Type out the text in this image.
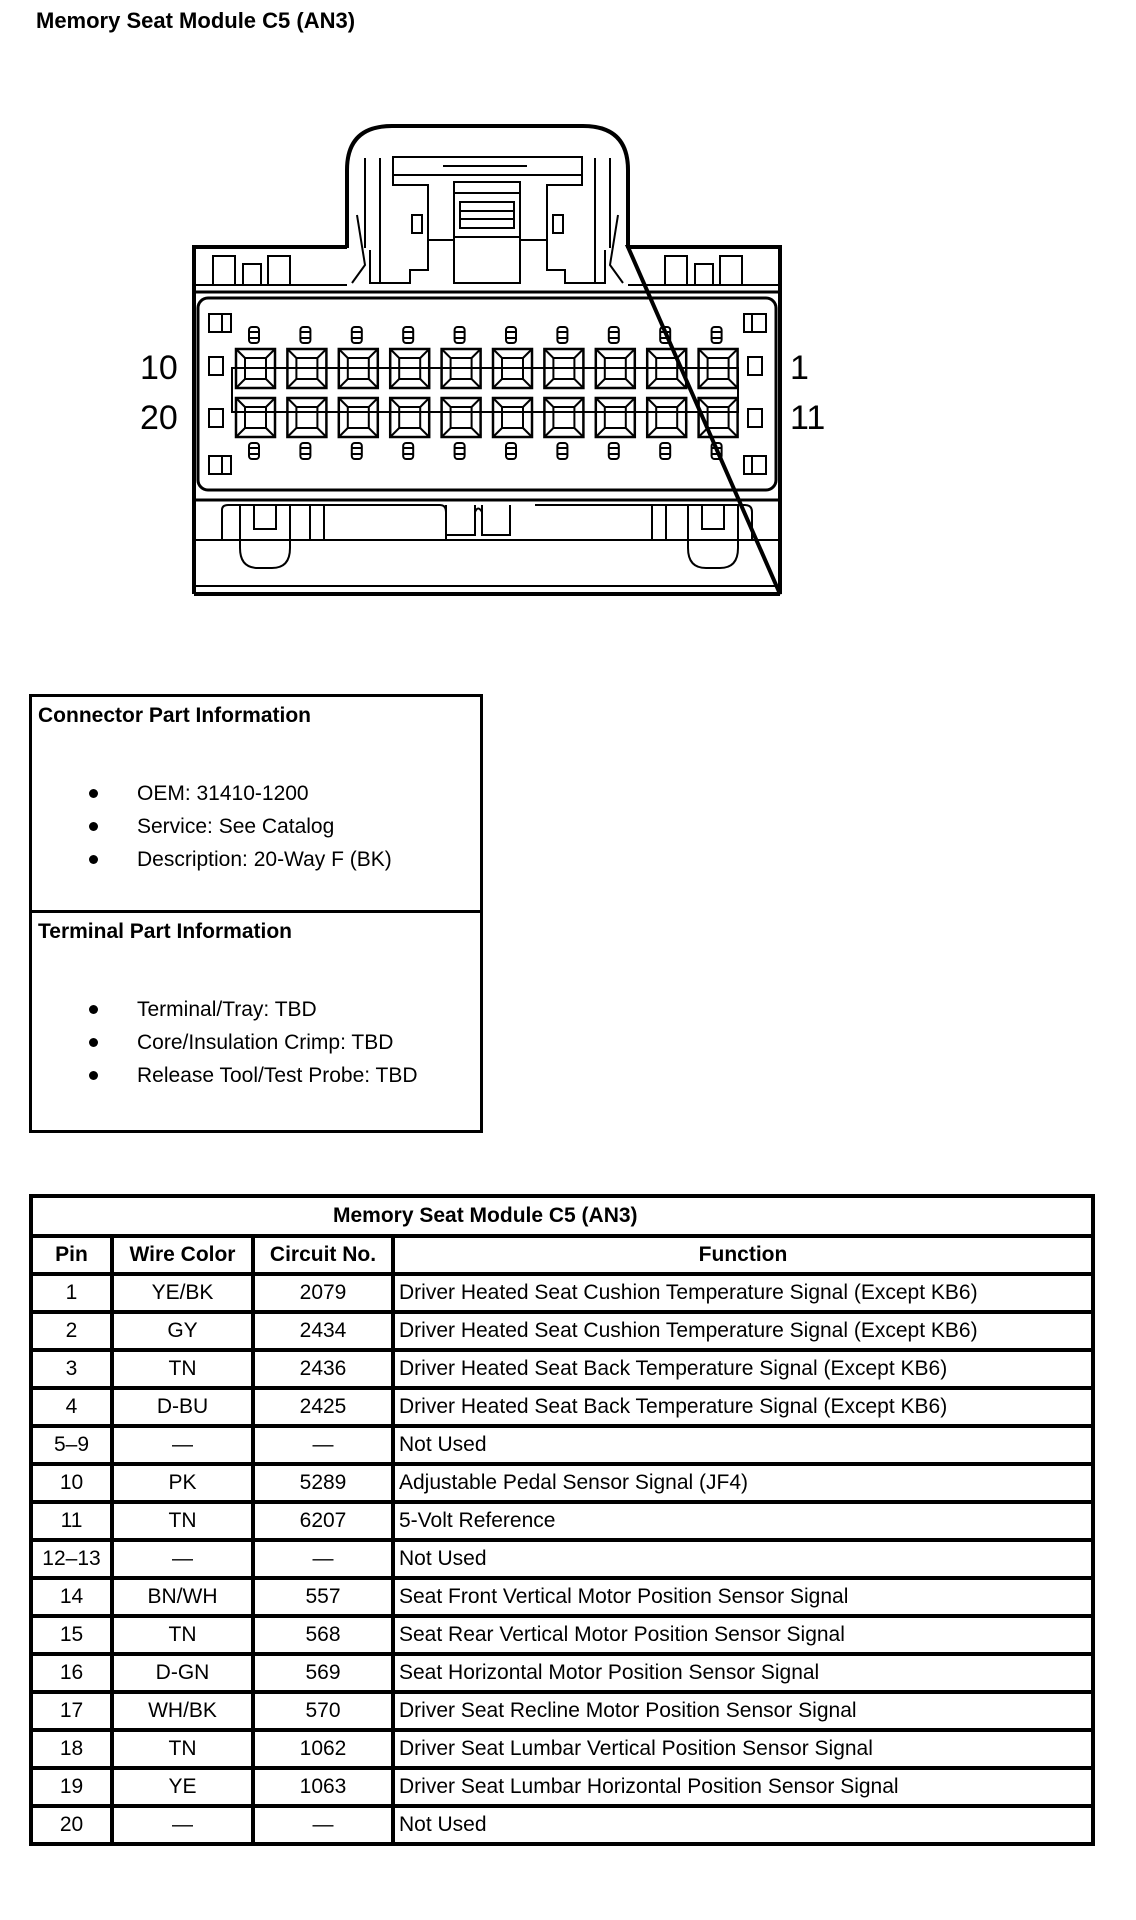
Memory Seat Module C5 (AN3)
10
20
1
11
Connector Part Information
OEM: 31410-1200
Service: See Catalog
Description: 20-Way F (BK)
Terminal Part Information
Terminal/Tray: TBD
Core/Insulation Crimp: TBD
Release Tool/Test Probe: TBD
Memory Seat Module C5 (AN3)			
Pin	Wire Color	Circuit No.	Function
1	YE/BK	2079	Driver Heated Seat Cushion Temperature Signal (Except KB6)
2	GY	2434	Driver Heated Seat Cushion Temperature Signal (Except KB6)
3	TN	2436	Driver Heated Seat Back Temperature Signal (Except KB6)
4	D-BU	2425	Driver Heated Seat Back Temperature Signal (Except KB6)
5–9	—	—	Not Used
10	PK	5289	Adjustable Pedal Sensor Signal (JF4)
11	TN	6207	5-Volt Reference
12–13	—	—	Not Used
14	BN/WH	557	Seat Front Vertical Motor Position Sensor Signal
15	TN	568	Seat Rear Vertical Motor Position Sensor Signal
16	D-GN	569	Seat Horizontal Motor Position Sensor Signal
17	WH/BK	570	Driver Seat Recline Motor Position Sensor Signal
18	TN	1062	Driver Seat Lumbar Vertical Position Sensor Signal
19	YE	1063	Driver Seat Lumbar Horizontal Position Sensor Signal
20	—	—	Not Used
